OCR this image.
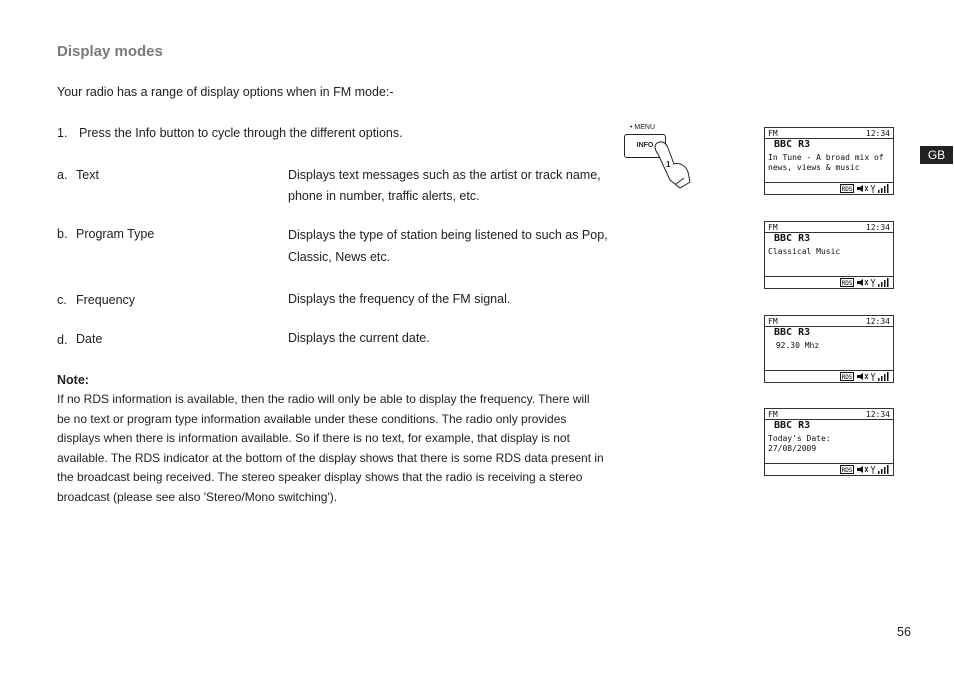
Display modes
Your radio has a range of display options when in FM mode:-
1. Press the Info button to cycle through the different options.
a. Text	Displays text messages such as the artist or track name, phone in number, traffic alerts, etc.
b. Program Type	Displays the type of station being listened to such as Pop, Classic, News etc.
c. Frequency	Displays the frequency of the FM signal.
d. Date	Displays the current date.
Note:
If no RDS information is available, then the radio will only be able to display the frequency. There will be no text or program type information available under these conditions. The radio only provides displays when there is information available. So if there is no text, for example, that display is not available. The RDS indicator at the bottom of the display shows that there is some RDS data present in the broadcast being received. The stereo speaker display shows that the radio is receiving a stereo broadcast (please see also 'Stereo/Mono switching').
• MENU
INFO
1
FM	12:34
BBC R3
In Tune - A broad mix of
news, views & music
RDS
FM	12:34
BBC R3
Classical Music
RDS
FM	12:34
BBC R3
92.30 Mhz
RDS
FM	12:34
BBC R3
Today's Date:
27/08/2009
RDS
GB
56
